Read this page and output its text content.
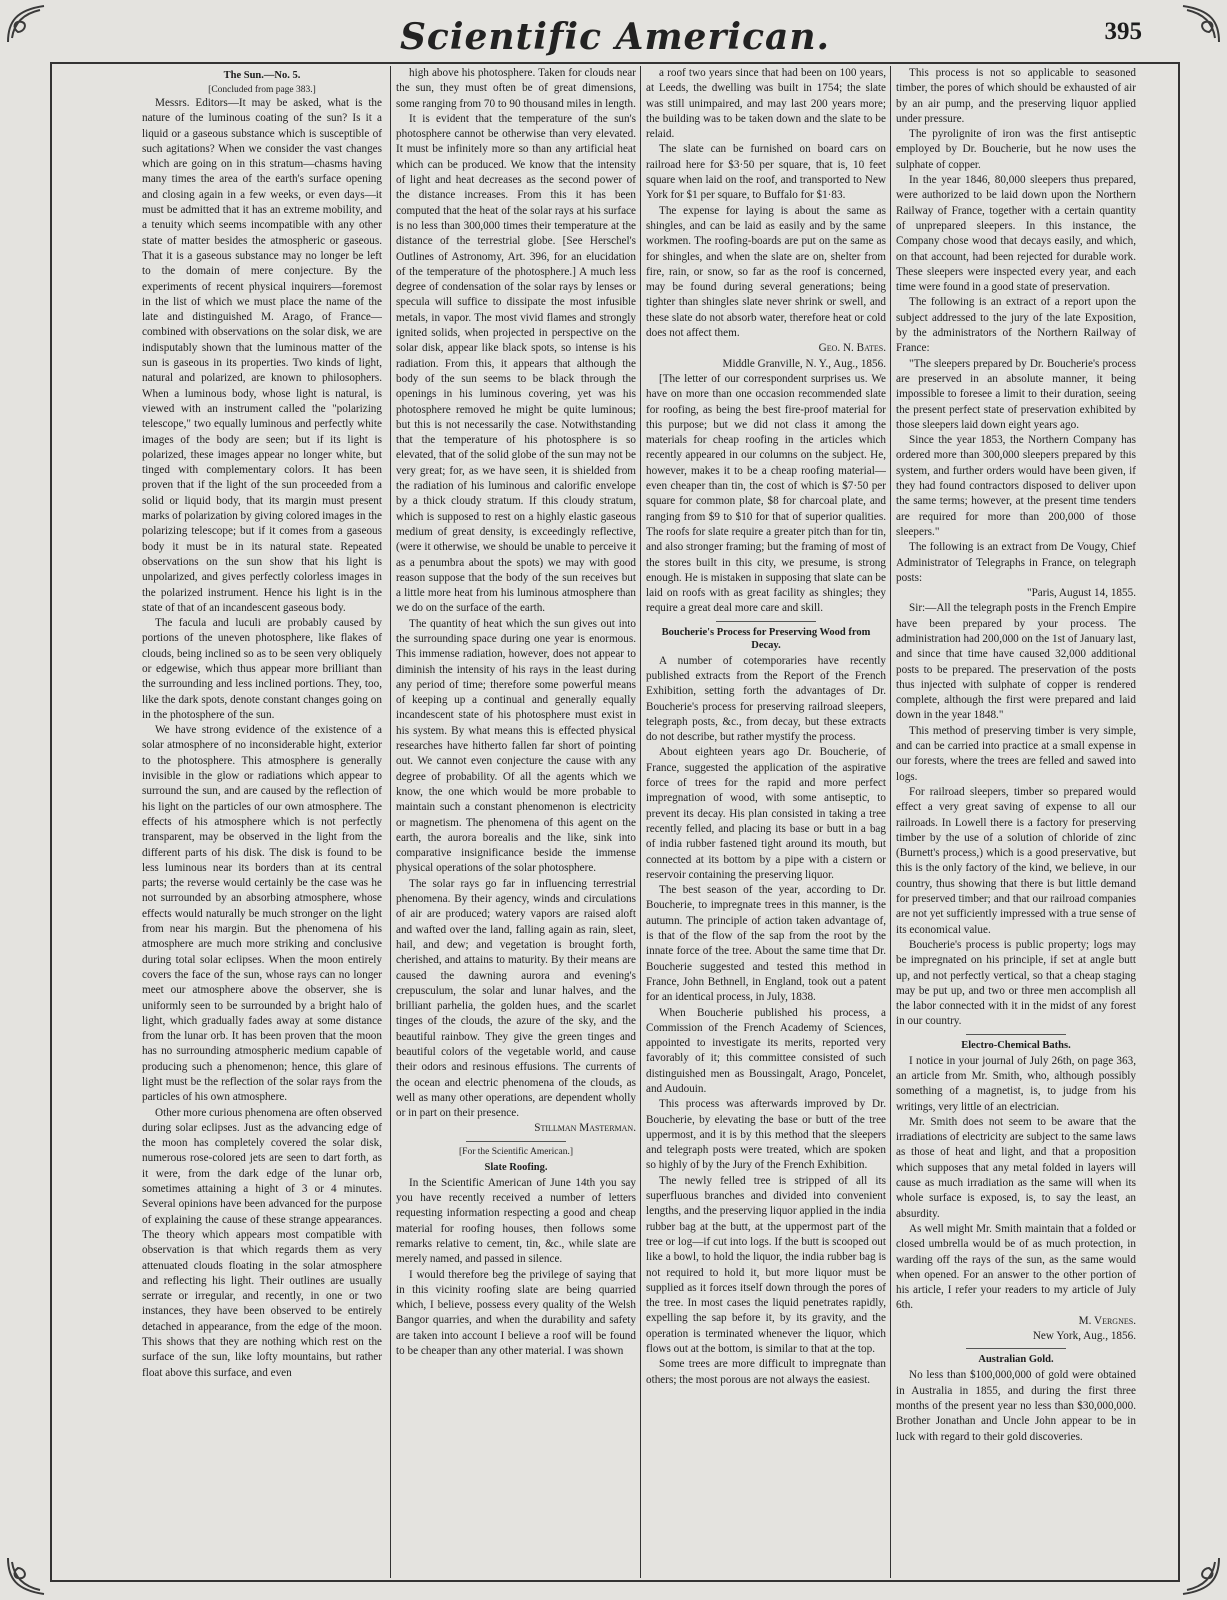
Scientific American.	395

The Sun.—No. 5.

[Concluded from page 383.]

Messrs. Editors—It may be asked, what is the nature of the luminous coating of the sun? Is it a liquid or a gaseous substance which is susceptible of such agitations? When we consider the vast changes which are going on in this stratum—chasms having many times the area of the earth's surface opening and closing again in a few weeks, or even days—it must be admitted that it has an extreme mobility, and a tenuity which seems incompatible with any other state of matter besides the atmospheric or gaseous. That it is a gaseous substance may no longer be left to the domain of mere conjecture. By the experiments of recent physical inquirers—foremost in the list of which we must place the name of the late and distinguished M. Arago, of France—combined with observations on the solar disk, we are indisputably shown that the luminous matter of the sun is gaseous in its properties. Two kinds of light, natural and polarized, are known to philosophers. When a luminous body, whose light is natural, is viewed with an instrument called the "polarizing telescope," two equally luminous and perfectly white images of the body are seen; but if its light is polarized, these images appear no longer white, but tinged with complementary colors. It has been proven that if the light of the sun proceeded from a solid or liquid body, that its margin must present marks of polarization by giving colored images in the polarizing telescope; but if it comes from a gaseous body it must be in its natural state. Repeated observations on the sun show that his light is unpolarized, and gives perfectly colorless images in the polarized instrument. Hence his light is in the state of that of an incandescent gaseous body.

The facula and luculi are probably caused by portions of the uneven photosphere, like flakes of clouds, being inclined so as to be seen very obliquely or edgewise, which thus appear more brilliant than the surrounding and less inclined portions. They, too, like the dark spots, denote constant changes going on in the photosphere of the sun.

We have strong evidence of the existence of a solar atmosphere of no inconsiderable hight, exterior to the photosphere. This atmosphere is generally invisible in the glow or radiations which appear to surround the sun, and are caused by the reflection of his light on the particles of our own atmosphere. The effects of his atmosphere which is not perfectly transparent, may be observed in the light from the different parts of his disk. The disk is found to be less luminous near its borders than at its central parts; the reverse would certainly be the case was he not surrounded by an absorbing atmosphere, whose effects would naturally be much stronger on the light from near his margin. But the phenomena of his atmosphere are much more striking and conclusive during total solar eclipses. When the moon entirely covers the face of the sun, whose rays can no longer meet our atmosphere above the observer, she is uniformly seen to be surrounded by a bright halo of light, which gradually fades away at some distance from the lunar orb. It has been proven that the moon has no surrounding atmospheric medium capable of producing such a phenomenon; hence, this glare of light must be the reflection of the solar rays from the particles of his own atmosphere.

Other more curious phenomena are often observed during solar eclipses. Just as the advancing edge of the moon has completely covered the solar disk, numerous rose-colored jets are seen to dart forth, as it were, from the dark edge of the lunar orb, sometimes attaining a hight of 3 or 4 minutes. Several opinions have been advanced for the purpose of explaining the cause of these strange appearances. The theory which appears most compatible with observation is that which regards them as very attenuated clouds floating in the solar atmosphere and reflecting his light. Their outlines are usually serrate or irregular, and recently, in one or two instances, they have been observed to be entirely detached in appearance, from the edge of the moon. This shows that they are nothing which rest on the surface of the sun, like lofty mountains, but rather float above this surface, and even

high above his photosphere. Taken for clouds near the sun, they must often be of great dimensions, some ranging from 70 to 90 thousand miles in length.

It is evident that the temperature of the sun's photosphere cannot be otherwise than very elevated. It must be infinitely more so than any artificial heat which can be produced. We know that the intensity of light and heat decreases as the second power of the distance increases. From this it has been computed that the heat of the solar rays at his surface is no less than 300,000 times their temperature at the distance of the terrestrial globe. [See Herschel's Outlines of Astronomy, Art. 396, for an elucidation of the temperature of the photosphere.] A much less degree of condensation of the solar rays by lenses or specula will suffice to dissipate the most infusible metals, in vapor. The most vivid flames and strongly ignited solids, when projected in perspective on the solar disk, appear like black spots, so intense is his radiation. From this, it appears that although the body of the sun seems to be black through the openings in his luminous covering, yet was his photosphere removed he might be quite luminous; but this is not necessarily the case. Notwithstanding that the temperature of his photosphere is so elevated, that of the solid globe of the sun may not be very great; for, as we have seen, it is shielded from the radiation of his luminous and calorific envelope by a thick cloudy stratum. If this cloudy stratum, which is supposed to rest on a highly elastic gaseous medium of great density, is exceedingly reflective, (were it otherwise, we should be unable to perceive it as a penumbra about the spots) we may with good reason suppose that the body of the sun receives but a little more heat from his luminous atmosphere than we do on the surface of the earth.

The quantity of heat which the sun gives out into the surrounding space during one year is enormous. This immense radiation, however, does not appear to diminish the intensity of his rays in the least during any period of time; therefore some powerful means of keeping up a continual and generally equally incandescent state of his photosphere must exist in his system. By what means this is effected physical researches have hitherto fallen far short of pointing out. We cannot even conjecture the cause with any degree of probability. Of all the agents which we know, the one which would be more probable to maintain such a constant phenomenon is electricity or magnetism. The phenomena of this agent on the earth, the aurora borealis and the like, sink into comparative insignificance beside the immense physical operations of the solar photosphere.

The solar rays go far in influencing terrestrial phenomena. By their agency, winds and circulations of air are produced; watery vapors are raised aloft and wafted over the land, falling again as rain, sleet, hail, and dew; and vegetation is brought forth, cherished, and attains to maturity. By their means are caused the dawning aurora and evening's crepusculum, the solar and lunar halves, and the brilliant parhelia, the golden hues, and the scarlet tinges of the clouds, the azure of the sky, and the beautiful rainbow. They give the green tinges and beautiful colors of the vegetable world, and cause their odors and resinous effusions. The currents of the ocean and electric phenomena of the clouds, as well as many other operations, are dependent wholly or in part on their presence.

Stillman Masterman.

[For the Scientific American.]

Slate Roofing.

In the Scientific American of June 14th you say you have recently received a number of letters requesting information respecting a good and cheap material for roofing houses, then follows some remarks relative to cement, tin, &c., while slate are merely named, and passed in silence.

I would therefore beg the privilege of saying that in this vicinity roofing slate are being quarried which, I believe, possess every quality of the Welsh Bangor quarries, and when the durability and safety are taken into account I believe a roof will be found to be cheaper than any other material. I was shown

a roof two years since that had been on 100 years, at Leeds, the dwelling was built in 1754; the slate was still unimpaired, and may last 200 years more; the building was to be taken down and the slate to be relaid.

The slate can be furnished on board cars on railroad here for $3·50 per square, that is, 10 feet square when laid on the roof, and transported to New York for $1 per square, to Buffalo for $1·83.

The expense for laying is about the same as shingles, and can be laid as easily and by the same workmen. The roofing-boards are put on the same as for shingles, and when the slate are on, shelter from fire, rain, or snow, so far as the roof is concerned, may be found during several generations; being tighter than shingles slate never shrink or swell, and these slate do not absorb water, therefore heat or cold does not affect them.

Geo. N. Bates.

Middle Granville, N. Y., Aug., 1856.

[The letter of our correspondent surprises us. We have on more than one occasion recommended slate for roofing, as being the best fire-proof material for this purpose; but we did not class it among the materials for cheap roofing in the articles which recently appeared in our columns on the subject. He, however, makes it to be a cheap roofing material—even cheaper than tin, the cost of which is $7·50 per square for common plate, $8 for charcoal plate, and ranging from $9 to $10 for that of superior qualities. The roofs for slate require a greater pitch than for tin, and also stronger framing; but the framing of most of the stores built in this city, we presume, is strong enough. He is mistaken in supposing that slate can be laid on roofs with as great facility as shingles; they require a great deal more care and skill.

Boucherie's Process for Preserving Wood from Decay.

A number of cotemporaries have recently published extracts from the Report of the French Exhibition, setting forth the advantages of Dr. Boucherie's process for preserving railroad sleepers, telegraph posts, &c., from decay, but these extracts do not describe, but rather mystify the process.

About eighteen years ago Dr. Boucherie, of France, suggested the application of the aspirative force of trees for the rapid and more perfect impregnation of wood, with some antiseptic, to prevent its decay. His plan consisted in taking a tree recently felled, and placing its base or butt in a bag of india rubber fastened tight around its mouth, but connected at its bottom by a pipe with a cistern or reservoir containing the preserving liquor.

The best season of the year, according to Dr. Boucherie, to impregnate trees in this manner, is the autumn. The principle of action taken advantage of, is that of the flow of the sap from the root by the innate force of the tree. About the same time that Dr. Boucherie suggested and tested this method in France, John Bethnell, in England, took out a patent for an identical process, in July, 1838.

When Boucherie published his process, a Commission of the French Academy of Sciences, appointed to investigate its merits, reported very favorably of it; this committee consisted of such distinguished men as Boussingalt, Arago, Poncelet, and Audouin.

This process was afterwards improved by Dr. Boucherie, by elevating the base or butt of the tree uppermost, and it is by this method that the sleepers and telegraph posts were treated, which are spoken so highly of by the Jury of the French Exhibition.

The newly felled tree is stripped of all its superfluous branches and divided into convenient lengths, and the preserving liquor applied in the india rubber bag at the butt, at the uppermost part of the tree or log—if cut into logs. If the butt is scooped out like a bowl, to hold the liquor, the india rubber bag is not required to hold it, but more liquor must be supplied as it forces itself down through the pores of the tree. In most cases the liquid penetrates rapidly, expelling the sap before it, by its gravity, and the operation is terminated whenever the liquor, which flows out at the bottom, is similar to that at the top.

Some trees are more difficult to impregnate than others; the most porous are not always the easiest.

This process is not so applicable to seasoned timber, the pores of which should be exhausted of air by an air pump, and the preserving liquor applied under pressure.

The pyrolignite of iron was the first antiseptic employed by Dr. Boucherie, but he now uses the sulphate of copper.

In the year 1846, 80,000 sleepers thus prepared, were authorized to be laid down upon the Northern Railway of France, together with a certain quantity of unprepared sleepers. In this instance, the Company chose wood that decays easily, and which, on that account, had been rejected for durable work. These sleepers were inspected every year, and each time were found in a good state of preservation.

The following is an extract of a report upon the subject addressed to the jury of the late Exposition, by the administrators of the Northern Railway of France:

"The sleepers prepared by Dr. Boucherie's process are preserved in an absolute manner, it being impossible to foresee a limit to their duration, seeing the present perfect state of preservation exhibited by those sleepers laid down eight years ago.

Since the year 1853, the Northern Company has ordered more than 300,000 sleepers prepared by this system, and further orders would have been given, if they had found contractors disposed to deliver upon the same terms; however, at the present time tenders are required for more than 200,000 of those sleepers."

The following is an extract from De Vougy, Chief Administrator of Telegraphs in France, on telegraph posts:

"Paris, August 14, 1855.

Sir:—All the telegraph posts in the French Empire have been prepared by your process. The administration had 200,000 on the 1st of January last, and since that time have caused 32,000 additional posts to be prepared. The preservation of the posts thus injected with sulphate of copper is rendered complete, although the first were prepared and laid down in the year 1848."

This method of preserving timber is very simple, and can be carried into practice at a small expense in our forests, where the trees are felled and sawed into logs.

For railroad sleepers, timber so prepared would effect a very great saving of expense to all our railroads. In Lowell there is a factory for preserving timber by the use of a solution of chloride of zinc (Burnett's process,) which is a good preservative, but this is the only factory of the kind, we believe, in our country, thus showing that there is but little demand for preserved timber; and that our railroad companies are not yet sufficiently impressed with a true sense of its economical value.

Boucherie's process is public property; logs may be impregnated on his principle, if set at angle butt up, and not perfectly vertical, so that a cheap staging may be put up, and two or three men accomplish all the labor connected with it in the midst of any forest in our country.

Electro-Chemical Baths.

I notice in your journal of July 26th, on page 363, an article from Mr. Smith, who, although possibly something of a magnetist, is, to judge from his writings, very little of an electrician.

Mr. Smith does not seem to be aware that the irradiations of electricity are subject to the same laws as those of heat and light, and that a proposition which supposes that any metal folded in layers will cause as much irradiation as the same will when its whole surface is exposed, is, to say the least, an absurdity.

As well might Mr. Smith maintain that a folded or closed umbrella would be of as much protection, in warding off the rays of the sun, as the same would when opened. For an answer to the other portion of his article, I refer your readers to my article of July 6th.

M. Vergnes.

New York, Aug., 1856.

Australian Gold.

No less than $100,000,000 of gold were obtained in Australia in 1855, and during the first three months of the present year no less than $30,000,000. Brother Jonathan and Uncle John appear to be in luck with regard to their gold discoveries.
